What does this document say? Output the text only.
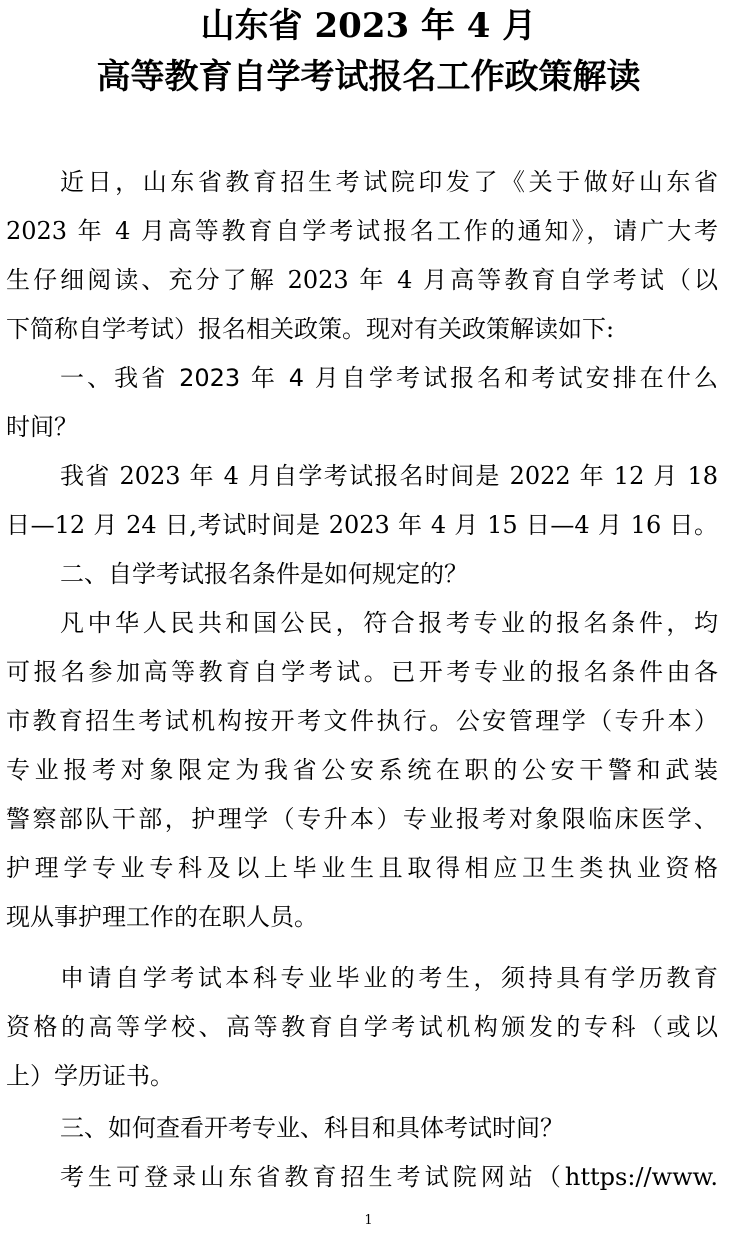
山东省 2023 年 4 月
高等教育自学考试报名工作政策解读
近日，山东省教育招生考试院印发了《关于做好山东省
2023 年 4 月高等教育自学考试报名工作的通知》，请广大考
生仔细阅读、充分了解 2023 年 4 月高等教育自学考试（以
下简称自学考试）报名相关政策。现对有关政策解读如下:
一、我省 2023 年 4 月自学考试报名和考试安排在什么
时间？
我省 2023 年 4 月自学考试报名时间是 2022 年 12 月 18
日—12 月 24 日,考试时间是 2023 年 4 月 15 日—4 月 16 日。
二、自学考试报名条件是如何规定的？
凡中华人民共和国公民，符合报考专业的报名条件，均
可报名参加高等教育自学考试。已开考专业的报名条件由各
市教育招生考试机构按开考文件执行。公安管理学（专升本）
专业报考对象限定为我省公安系统在职的公安干警和武装
警察部队干部，护理学（专升本）专业报考对象限临床医学、
护理学专业专科及以上毕业生且取得相应卫生类执业资格
现从事护理工作的在职人员。
申请自学考试本科专业毕业的考生，须持具有学历教育
资格的高等学校、高等教育自学考试机构颁发的专科（或以
上）学历证书。
三、如何查看开考专业、科目和具体考试时间？
考生可登录山东省教育招生考试院网站（https://www.
1
